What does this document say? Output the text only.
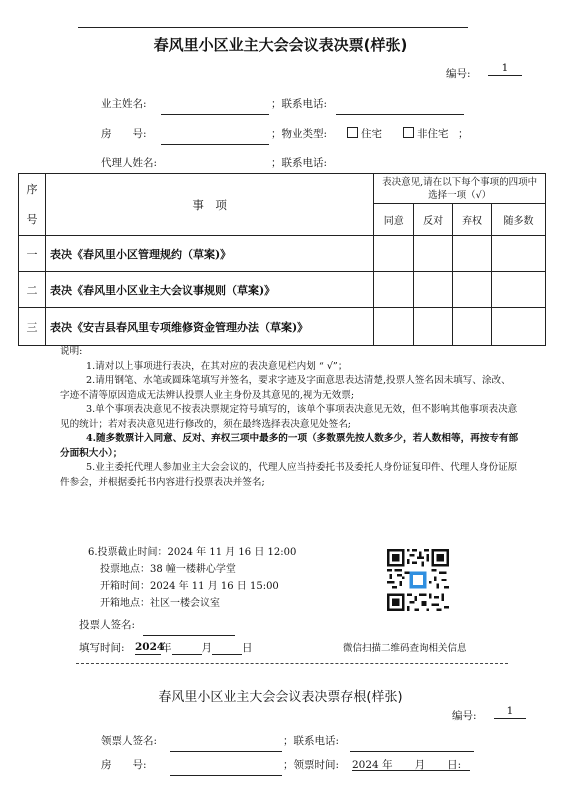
春风里小区业主大会会议表决票(样张)
编号:	1
业主姓名:	；联系电话:
房　　号:	；物业类型:	住宅	非住宅 ；
代理人姓名:	；联系电话:
序
号	事　项	表决意见,请在以下每个事项的四项中选择一项（√）			
		同意	反对	弃权	随多数
一	表决《春风里小区管理规约（草案)》				
二	表决《春风里小区业主大会议事规则（草案)》				
三	表决《安吉县春风里专项维修资金管理办法（草案)》				

说明:

1.请对以上事项进行表决，在其对应的表决意见栏内划 “ √”；

2.请用钢笔、水笔或圆珠笔填写并签名，要求字迹及字面意思表达清楚,投票人签名因未填写、涂改、字迹不清等原因造成无法辨认投票人业主身份及其意见的,视为无效票;

3.单个事项表决意见不按表决票规定符号填写的，该单个事项表决意见无效，但不影响其他事项表决意见的统计；若对表决意见进行修改的，须在最终选择表决意见处签名;

4.随多数票计入同意、反对、弃权三项中最多的一项（多数票先按人数多少，若人数相等，再按专有部分面积大小）；

5.业主委托代理人参加业主大会会议的，代理人应当持委托书及委托人身份证复印件、代理人身份证原件参会，并根据委托书内容进行投票表决并签名;

6.投票截止时间：2024 年 11 月 16 日 12:00
投票地点：38 幢一楼耕心学堂
开箱时间：2024 年 11 月 16 日 15:00
开箱地点：社区一楼会议室
投票人签名:
填写时间: 2024年	月	日	微信扫描二维码查询相关信息
春风里小区业主大会会议表决票存根(样张)
编号:	1
领票人签名:	；联系电话:
房　　号:	；领票时间: 2024 年 月 日:
